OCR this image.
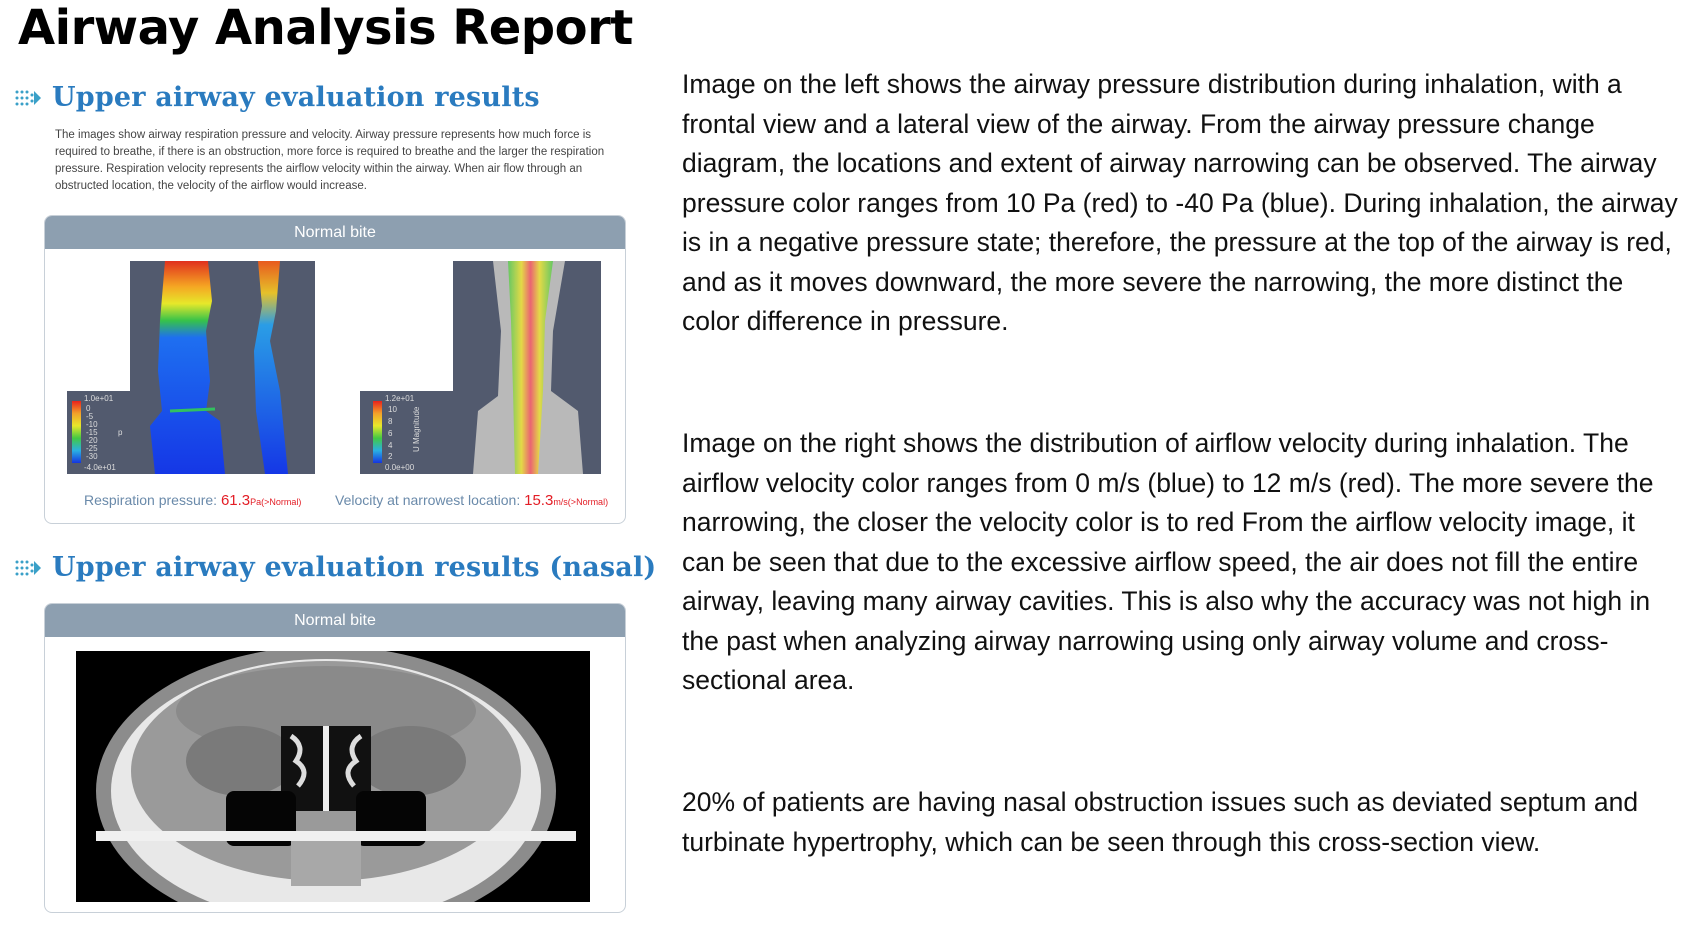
Airway Analysis Report
Upper airway evaluation results
The images show airway respiration pressure and velocity. Airway pressure represents how much force is required to breathe, if there is an obstruction, more force is required to breathe and the larger the respiration pressure. Respiration velocity represents the airflow velocity within the airway. When air flow through an obstructed location, the velocity of the airflow would increase.
Normal bite
1.0e+01
0
-5
-10
-15
-20
-25
-30
-4.0e+01
p
1.2e+01
10
8
6
4
2
0.0e+00
U Magnitude
Respiration pressure: 61.3Pa(>Normal) Velocity at narrowest location: 15.3m/s(>Normal)
Upper airway evaluation results (nasal)
Normal bite
Image on the left shows the airway pressure distribution during inhalation, with a frontal view and a lateral view of the airway. From the airway pressure change diagram, the locations and extent of airway narrowing can be observed. The airway pressure color ranges from 10 Pa (red) to -40 Pa (blue). During inhalation, the airway is in a negative pressure state; therefore, the pressure at the top of the airway is red, and as it moves downward, the more severe the narrowing, the more distinct the color difference in pressure.
Image on the right shows the distribution of airflow velocity during inhalation. The airflow velocity color ranges from 0 m/s (blue) to 12 m/s (red). The more severe the narrowing, the closer the velocity color is to red From the airflow velocity image, it can be seen that due to the excessive airflow speed, the air does not fill the entire airway, leaving many airway cavities. This is also why the accuracy was not high in the past when analyzing airway narrowing using only airway volume and cross-sectional area.
20% of patients are having nasal obstruction issues such as deviated septum and turbinate hypertrophy, which can be seen through this cross-section view.
